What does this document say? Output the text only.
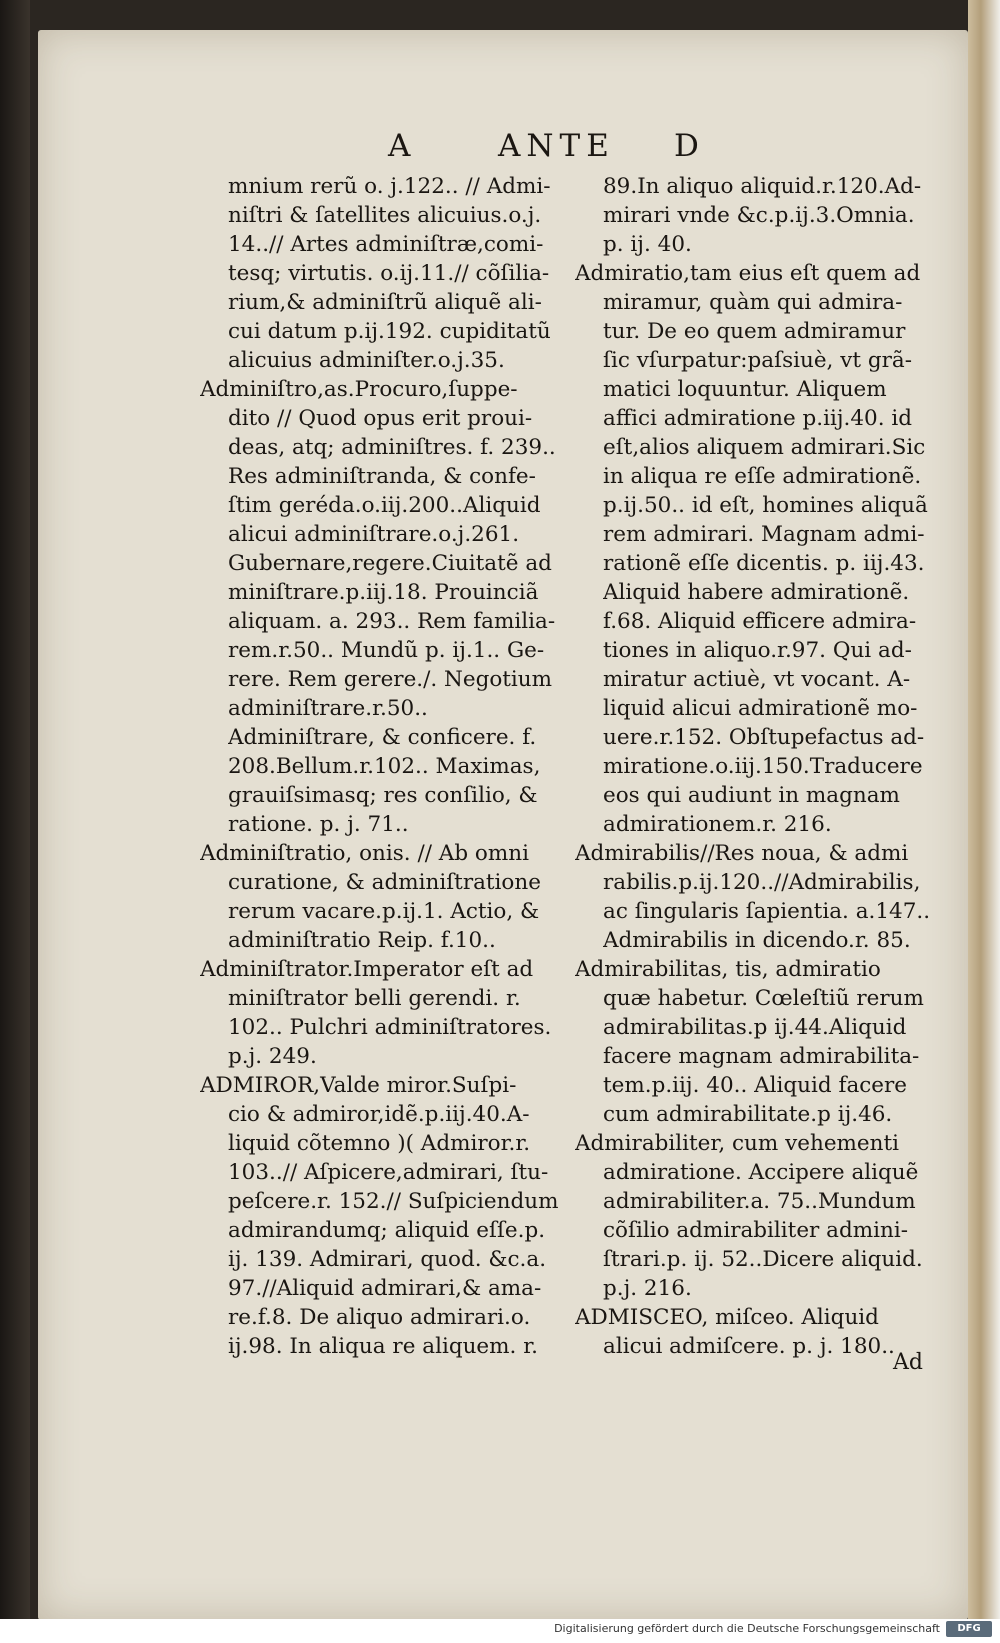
A	ANTE D
mnium rerũ o. j.122.. // Admi-
niſtri & ſatellites alicuius.o.j.
14..// Artes adminiſtræ,comi-
tesq; virtutis. o.ij.11.// cõſilia-
rium,& adminiſtrũ aliquẽ ali-
cui datum p.ij.192. cupiditatũ
alicuius adminiſter.o.j.35.
Adminiſtro,as.Procuro,ſuppe-
dito // Quod opus erit proui-
deas, atq; adminiſtres. f. 239..
Res adminiſtranda, & confe-
ſtim geréda.o.iij.200..Aliquid
alicui adminiſtrare.o.j.261.
Gubernare,regere.Ciuitatẽ ad
miniſtrare.p.iij.18. Prouinciã
aliquam. a. 293.. Rem familia-
rem.r.50.. Mundũ p. ij.1.. Ge-
rere. Rem gerere./. Negotium
adminiſtrare.r.50..
Adminiſtrare, & conficere. f.
208.Bellum.r.102.. Maximas,
grauiſsimasq; res conſilio, &
ratione. p. j. 71..
Adminiſtratio, onis. // Ab omni
curatione, & adminiſtratione
rerum vacare.p.ij.1. Actio, &
adminiſtratio Reip. f.10..
Adminiſtrator.Imperator eſt ad
miniſtrator belli gerendi. r.
102.. Pulchri adminiſtratores.
p.j. 249.
ADMIROR,Valde miror.Suſpi-
cio & admiror,idẽ.p.iij.40.A-
liquid cõtemno )( Admiror.r.
103..// Aſpicere,admirari, ſtu-
peſcere.r. 152.// Suſpiciendum
admirandumq; aliquid eſſe.p.
ij. 139. Admirari, quod. &c.a.
97.//Aliquid admirari,& ama-
re.f.8. De aliquo admirari.o.
ij.98. In aliqua re aliquem. r.
89.In aliquo aliquid.r.120.Ad-
mirari vnde &c.p.ij.3.Omnia.
p. ij. 40.
Admiratio,tam eius eſt quem ad
miramur, quàm qui admira-
tur. De eo quem admiramur
ſic vſurpatur:paſsiuè, vt grã-
matici loquuntur. Aliquem
affici admiratione p.iij.40. id
eſt,alios aliquem admirari.Sic
in aliqua re eſſe admirationẽ.
p.ij.50.. id eſt, homines aliquã
rem admirari. Magnam admi-
rationẽ eſſe dicentis. p. iij.43.
Aliquid habere admirationẽ.
f.68. Aliquid efficere admira-
tiones in aliquo.r.97. Qui ad-
miratur actiuè, vt vocant. A-
liquid alicui admirationẽ mo-
uere.r.152. Obſtupefactus ad-
miratione.o.iij.150.Traducere
eos qui audiunt in magnam
admirationem.r. 216.
Admirabilis//Res noua, & admi
rabilis.p.ij.120..//Admirabilis,
ac ſingularis ſapientia. a.147..
Admirabilis in dicendo.r. 85.
Admirabilitas, tis, admiratio
quæ habetur. Cœleſtiũ rerum
admirabilitas.p ij.44.Aliquid
facere magnam admirabilita-
tem.p.iij. 40.. Aliquid facere
cum admirabilitate.p ij.46.
Admirabiliter, cum vehementi
admiratione. Accipere aliquẽ
admirabiliter.a. 75..Mundum
cõſilio admirabiliter admini-
ſtrari.p. ij. 52..Dicere aliquid.
p.j. 216.
ADMISCEO, miſceo. Aliquid
alicui admiſcere. p. j. 180..
Ad
Digitalisierung gefördert durch die Deutsche Forschungsgemeinschaft	DFG
